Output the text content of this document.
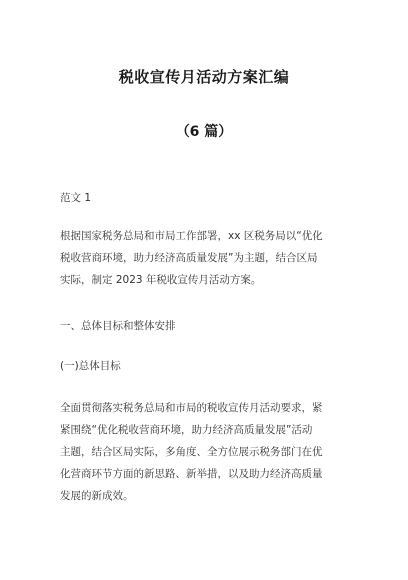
税收宣传月活动方案汇编
（6 篇）
范文 1
根据国家税务总局和市局工作部署，xx 区税务局以“优化
税收营商环境，助力经济高质量发展”为主题，结合区局
实际，制定 2023 年税收宣传月活动方案。
一、总体目标和整体安排
(一)总体目标
全面贯彻落实税务总局和市局的税收宣传月活动要求，紧
紧围绕“优化税收营商环境，助力经济高质量发展”活动
主题，结合区局实际，多角度、全方位展示税务部门在优
化营商环节方面的新思路、新举措，以及助力经济高质量
发展的新成效。
